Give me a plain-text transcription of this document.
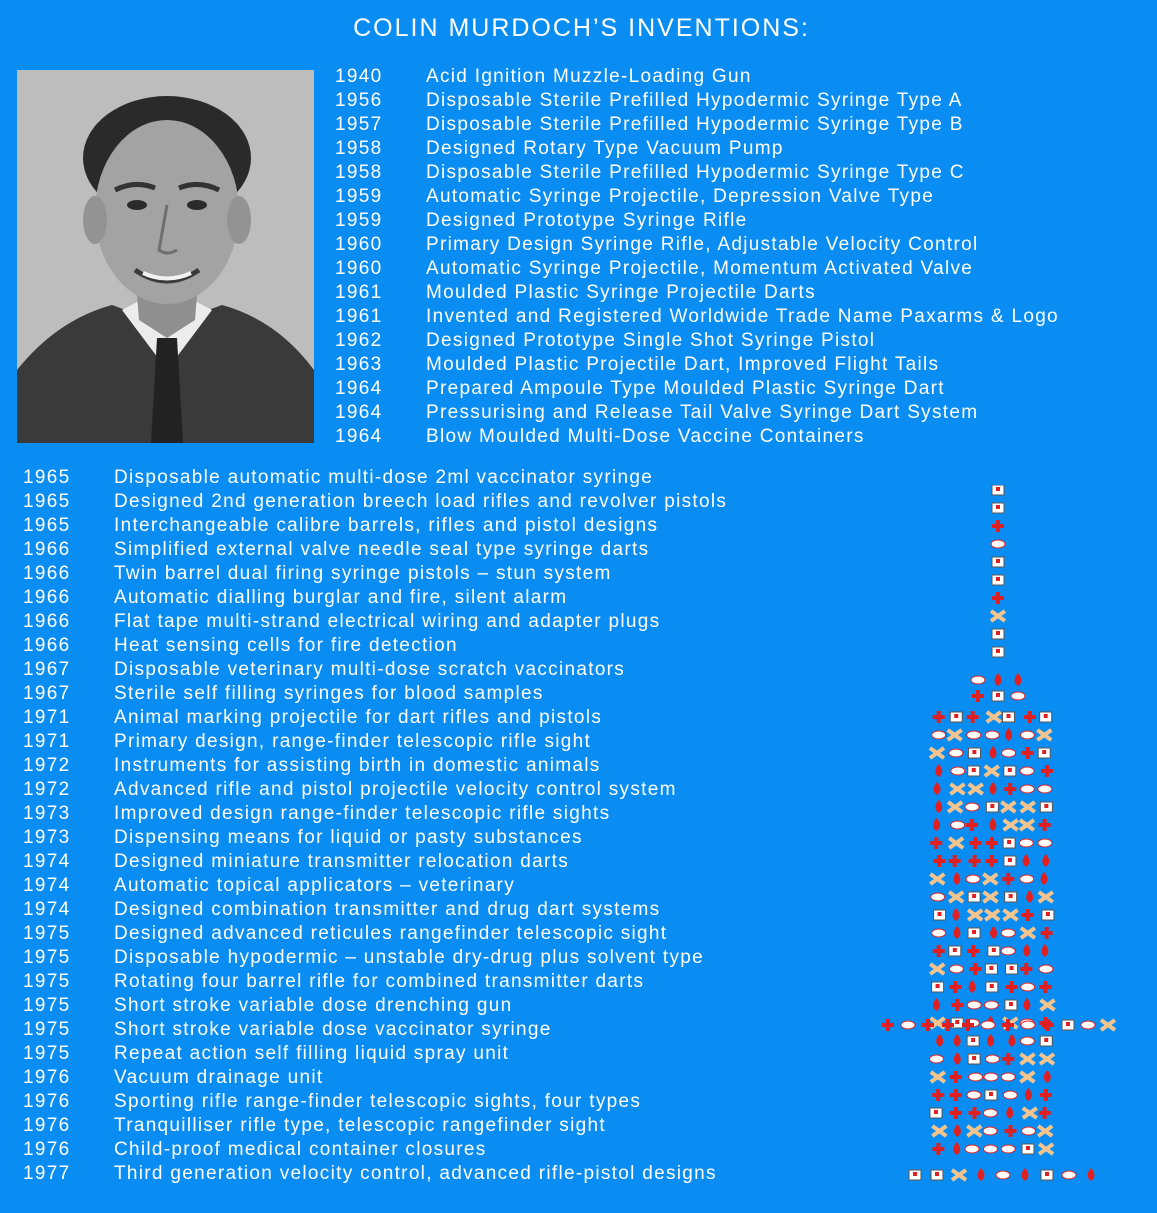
COLIN MURDOCH’S INVENTIONS:
1940	Acid Ignition Muzzle-Loading Gun
1956	Disposable Sterile Prefilled Hypodermic Syringe Type A
1957	Disposable Sterile Prefilled Hypodermic Syringe Type B
1958	Designed Rotary Type Vacuum Pump
1958	Disposable Sterile Prefilled Hypodermic Syringe Type C
1959	Automatic Syringe Projectile, Depression Valve Type
1959	Designed Prototype Syringe Rifle
1960	Primary Design Syringe Rifle, Adjustable Velocity Control
1960	Automatic Syringe Projectile, Momentum Activated Valve
1961	Moulded Plastic Syringe Projectile Darts
1961	Invented and Registered Worldwide Trade Name Paxarms & Logo
1962	Designed Prototype Single Shot Syringe Pistol
1963	Moulded Plastic Projectile Dart, Improved Flight Tails
1964	Prepared Ampoule Type Moulded Plastic Syringe Dart
1964	Pressurising and Release Tail Valve Syringe Dart System
1964	Blow Moulded Multi-Dose Vaccine Containers
1965	Disposable automatic multi-dose 2ml vaccinator syringe
1965	Designed 2nd generation breech load rifles and revolver pistols
1965	Interchangeable calibre barrels, rifles and pistol designs
1966	Simplified external valve needle seal type syringe darts
1966	Twin barrel dual firing syringe pistols – stun system
1966	Automatic dialling burglar and fire, silent alarm
1966	Flat tape multi-strand electrical wiring and adapter plugs
1966	Heat sensing cells for fire detection
1967	Disposable veterinary multi-dose scratch vaccinators
1967	Sterile self filling syringes for blood samples
1971	Animal marking projectile for dart rifles and pistols
1971	Primary design, range-finder telescopic rifle sight
1972	Instruments for assisting birth in domestic animals
1972	Advanced rifle and pistol projectile velocity control system
1973	Improved design range-finder telescopic rifle sights
1973	Dispensing means for liquid or pasty substances
1974	Designed miniature transmitter relocation darts
1974	Automatic topical applicators – veterinary
1974	Designed combination transmitter and drug dart systems
1975	Designed advanced reticules rangefinder telescopic sight
1975	Disposable hypodermic – unstable dry-drug plus solvent type
1975	Rotating four barrel rifle for combined transmitter darts
1975	Short stroke variable dose drenching gun
1975	Short stroke variable dose vaccinator syringe
1975	Repeat action self filling liquid spray unit
1976	Vacuum drainage unit
1976	Sporting rifle range-finder telescopic sights, four types
1976	Tranquilliser rifle type, telescopic rangefinder sight
1976	Child-proof medical container closures
1977	Third generation velocity control, advanced rifle-pistol designs
